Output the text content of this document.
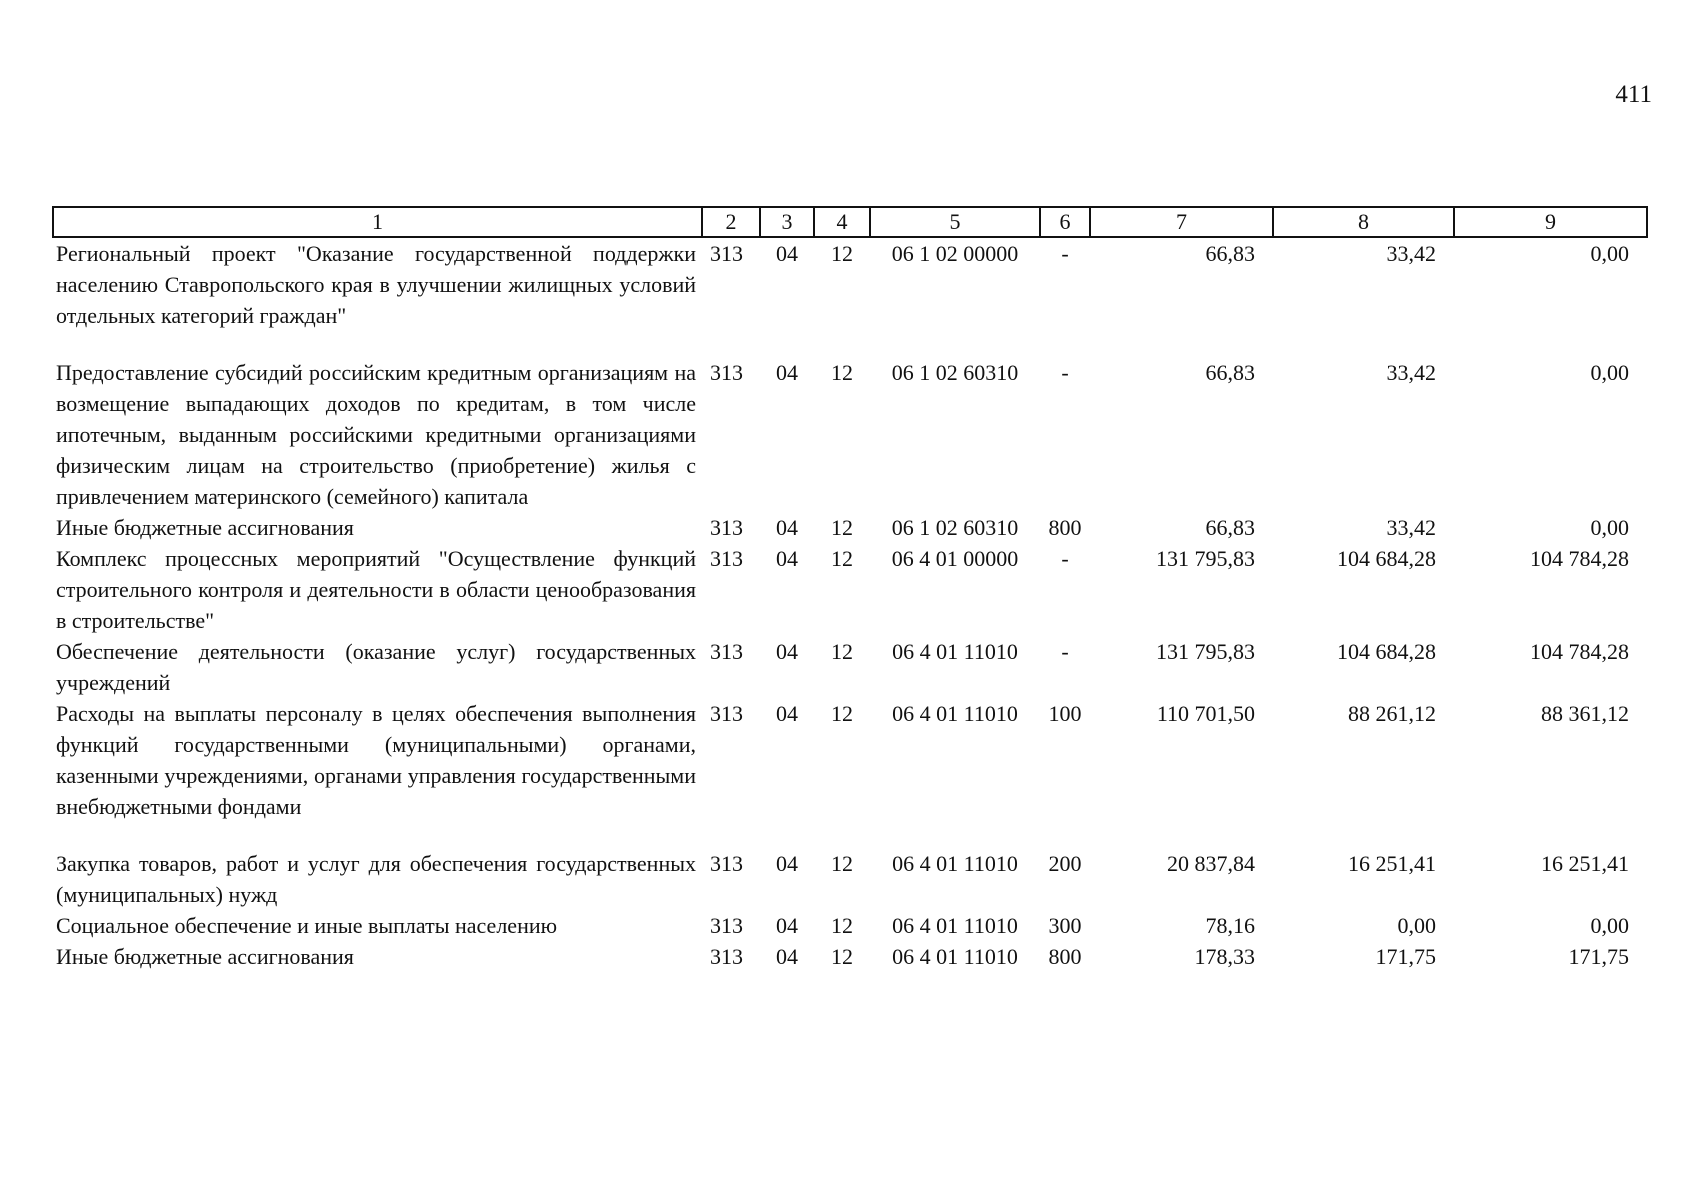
411
1	2	3	4	5	6	7	8	9
Региональный проект "Оказание государственной поддержки населению Ставропольского края в улучшении жилищных условий отдельных категорий граждан"	313	04	12	06 1 02 00000	-	66,83	33,42	0,00
Предоставление субсидий российским кредитным организациям на возмещение выпадающих доходов по кредитам, в том числе ипотечным, выданным российскими кредитными организациями физическим лицам на строительство (приобретение) жилья с привлечением материнского (семейного) капитала	313	04	12	06 1 02 60310	-	66,83	33,42	0,00
Иные бюджетные ассигнования	313	04	12	06 1 02 60310	800	66,83	33,42	0,00
Комплекс процессных мероприятий "Осуществление функций строительного контроля и деятельности в области ценообразования в строительстве"	313	04	12	06 4 01 00000	-	131 795,83	104 684,28	104 784,28
Обеспечение деятельности (оказание услуг) государственных учреждений	313	04	12	06 4 01 11010	-	131 795,83	104 684,28	104 784,28
Расходы на выплаты персоналу в целях обеспечения выполнения функций государственными (муниципальными) органами, казенными учреждениями, органами управления государственными внебюджетными фондами	313	04	12	06 4 01 11010	100	110 701,50	88 261,12	88 361,12
Закупка товаров, работ и услуг для обеспечения государственных (муниципальных) нужд	313	04	12	06 4 01 11010	200	20 837,84	16 251,41	16 251,41
Социальное обеспечение и иные выплаты населению	313	04	12	06 4 01 11010	300	78,16	0,00	0,00
Иные бюджетные ассигнования	313	04	12	06 4 01 11010	800	178,33	171,75	171,75
